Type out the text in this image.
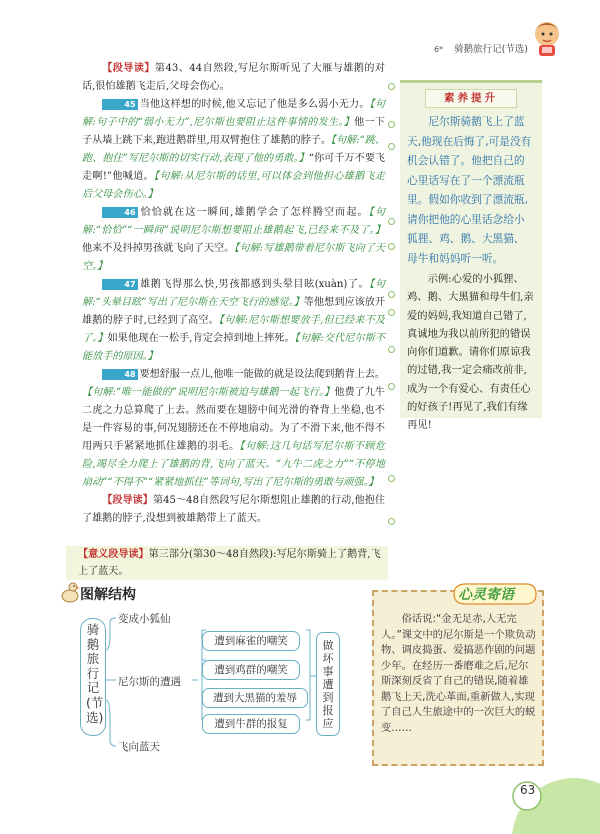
6* 骑鹅旅行记(节选)

【段导读】第43、44自然段,写尼尔斯听见了大雁与雄鹅的对话,很怕雄鹅飞走后,父母会伤心。

45 当他这样想的时候,他又忘记了他是多么弱小无力。【句解:句子中的“弱小无力”,尼尔斯也要阻止这件事情的发生。】他一下子从墙上跳下来,跑进鹅群里,用双臂抱住了雄鹅的脖子。【句解:“跳、跑、抱住”写尼尔斯的切实行动,表现了他的勇敢。】“你可千万不要飞走啊!”他喊道。【句解:从尼尔斯的话里,可以体会到他担心雄鹅飞走后父母会伤心。】

46 恰恰就在这一瞬间,雄鹅学会了怎样腾空而起。【句解:“恰恰”“一瞬间”说明尼尔斯想要阻止雄鹅起飞,已经来不及了。】他来不及抖掉男孩就飞向了天空。【句解:写雄鹅带着尼尔斯飞向了天空。】

47 雄鹅飞得那么快,男孩都感到头晕目眩(xuàn)了。【句解:“头晕目眩”写出了尼尔斯在天空飞行的感觉。】等他想到应该放开雄鹅的脖子时,已经到了高空。【句解:尼尔斯想要放手,但已经来不及了。】如果他现在一松手,肯定会掉到地上摔死。【句解:交代尼尔斯不能放手的原因。】

48 要想舒服一点儿,他唯一能做的就是设法爬到鹅背上去。【句解:“唯一能做的”说明尼尔斯被迫与雄鹅一起飞行。】他费了九牛二虎之力总算爬了上去。然而要在翅膀中间光滑的脊背上坐稳,也不是一件容易的事,何况翅膀还在不停地扇动。为了不滑下来,他不得不用两只手紧紧地抓住雄鹅的羽毛。【句解:这几句话写尼尔斯不顾危险,竭尽全力爬上了雄鹅的背,飞向了蓝天。“九牛二虎之力”“不停地扇动”“不得不”“紧紧地抓住”等词句,写出了尼尔斯的勇敢与顽强。】

【段导读】第45～48自然段写尼尔斯想阻止雄鹅的行动,他抱住了雄鹅的脖子,没想到被雄鹅带上了蓝天。

素养提升

尼尔斯骑鹅飞上了蓝天,他现在后悔了,可是没有机会认错了。他把自己的心里话写在了一个漂流瓶里。假如你收到了漂流瓶,请你把他的心里话念给小狐狸、鸡、鹅、大黑猫、母牛和妈妈听一听。

示例:心爱的小狐狸、鸡、鹅、大黑猫和母牛们,亲爱的妈妈,我知道自己错了,真诚地为我以前所犯的错误向你们道歉。请你们原谅我的过错,我一定会痛改前非,成为一个有爱心、有责任心的好孩子!再见了,我们有缘再见!

【意义段导读】第三部分(第30～48自然段):写尼尔斯骑上了鹅背,飞上了蓝天。
图解结构
骑鹅旅行记(节选)
变成小狐仙
尼尔斯的遭遇
飞向蓝天
遭到麻雀的嘲笑
遭到鸡群的嘲笑
遭到大黑猫的羞辱
遭到牛群的报复
做坏事遭到报应
心灵寄语
俗话说:“金无足赤,人无完人。”课文中的尼尔斯是一个欺负动物、调皮捣蛋、爱搞恶作剧的问题少年。在经历一番磨难之后,尼尔斯深刻反省了自己的错误,随着雄鹅飞上天,洗心革面,重新做人,实现了自己人生旅途中的一次巨大的蜕变……
63
